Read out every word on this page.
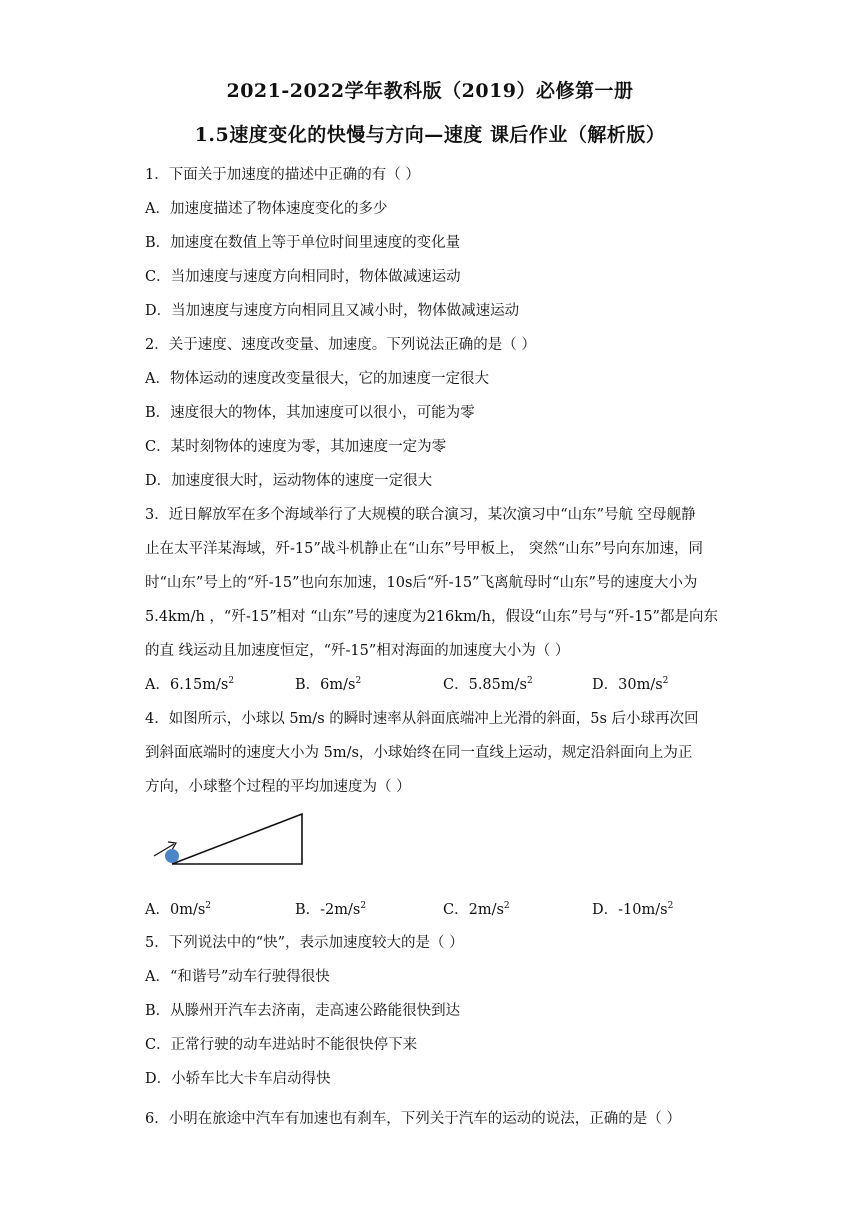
2021-2022学年教科版（2019）必修第一册
1.5速度变化的快慢与方向—速度 课后作业（解析版）
1．下面关于加速度的描述中正确的有（ ）
A．加速度描述了物体速度变化的多少
B．加速度在数值上等于单位时间里速度的变化量
C．当加速度与速度方向相同时，物体做减速运动
D．当加速度与速度方向相同且又减小时，物体做减速运动
2．关于速度、速度改变量、加速度。下列说法正确的是（ ）
A．物体运动的速度改变量很大，它的加速度一定很大
B．速度很大的物体，其加速度可以很小，可能为零
C．某时刻物体的速度为零，其加速度一定为零
D．加速度很大时，运动物体的速度一定很大
3．近日解放军在多个海域举行了大规模的联合演习，某次演习中“山东”号航 空母舰静
止在太平洋某海域，歼-15”战斗机静止在“山东”号甲板上， 突然“山东”号向东加速，同
时“山东”号上的“歼-15”也向东加速，10s后“歼-15”飞离航母时“山东”号的速度大小为
5.4km/h ，“歼-15”相对 “山东”号的速度为216km/h，假设“山东”号与“歼-15”都是向东
的直 线运动且加速度恒定，“歼-15”相对海面的加速度大小为（ ）
A．$6.15m/s^2$	B．$6m/s^2$	C．$5.85m/s^2$	D．$30m/s^2$
4．如图所示，小球以 5m/s 的瞬时速率从斜面底端冲上光滑的斜面，5s 后小球再次回
到斜面底端时的速度大小为 5m/s，小球始终在同一直线上运动，规定沿斜面向上为正
方向，小球整个过程的平均加速度为（ ）
A．$0m/s^2$	B．$-2m/s^2$	C．$2m/s^2$	D．$-10m/s^2$
5．下列说法中的“快”，表示加速度较大的是（ ）
A．“和谐号”动车行驶得很快
B．从滕州开汽车去济南，走高速公路能很快到达
C．正常行驶的动车进站时不能很快停下来
D．小轿车比大卡车启动得快
6．小明在旅途中汽车有加速也有刹车，下列关于汽车的运动的说法，正确的是（ ）
